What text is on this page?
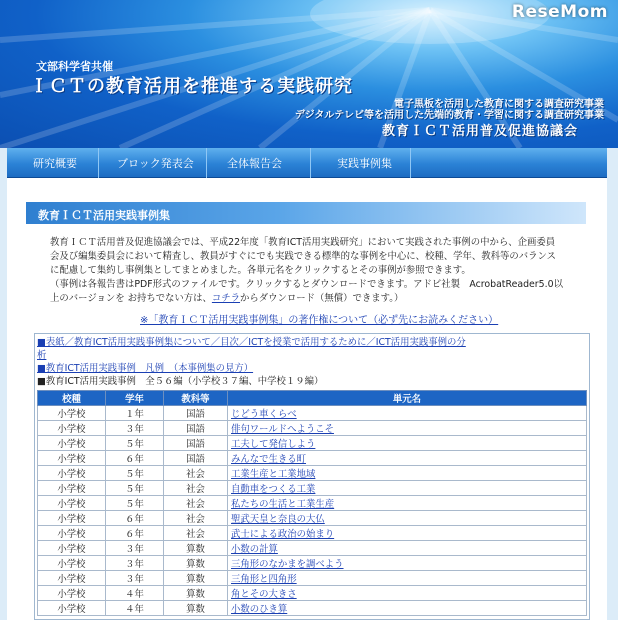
ReseMom
文部科学省共催
ＩＣＴの教育活用を推進する実践研究
電子黒板を活用した教育に関する調査研究事業
デジタルテレビ等を活用した先端的教育・学習に関する調査研究事業
教育ＩＣＴ活用普及促進協議会
研究概要	ブロック発表会	全体報告会	実践事例集
教育ＩＣＴ活用実践事例集

教育ＩＣＴ活用普及促進協議会では、平成22年度「教育ICT活用実践研究」において実践された事例の中から、企画委員

会及び編集委員会において精査し、教員がすぐにでも実践できる標準的な事例を中心に、校種、学年、教科等のバランス

に配慮して集約し事例集としてまとめました。各単元名をクリックするとその事例が参照できます。

（事例は各報告書はPDF形式のファイルです。クリックするとダウンロードできます。アドビ社製　AcrobatReader5.0以

上のバージョンを お持ちでない方は、コチラからダウンロード（無償）できます。）

※「教育ＩＣＴ活用実践事例集」の著作権について（必ず先にお読みください）
■表紙／教育ICT活用実践事例集について／目次／ICTを授業で活用するために／ICT活用実践事例の分
析
■教育ICT活用実践事例　凡例　（本事例集の見方）
■教育ICT活用実践事例　全５６編（小学校３７編、中学校１９編）
校種	学年	教科等	単元名
小学校	１年	国語	じどう車くらべ
小学校	３年	国語	俳句ワールドへようこそ
小学校	５年	国語	工夫して発信しよう
小学校	６年	国語	みんなで生きる町
小学校	５年	社会	工業生産と工業地域
小学校	５年	社会	自動車をつくる工業
小学校	５年	社会	私たちの生活と工業生産
小学校	６年	社会	聖武天皇と奈良の大仏
小学校	６年	社会	武士による政治の始まり
小学校	３年	算数	小数の計算
小学校	３年	算数	三角形のなかまを調べよう
小学校	３年	算数	三角形と四角形
小学校	４年	算数	角とその大きさ
小学校	４年	算数	小数のひき算
